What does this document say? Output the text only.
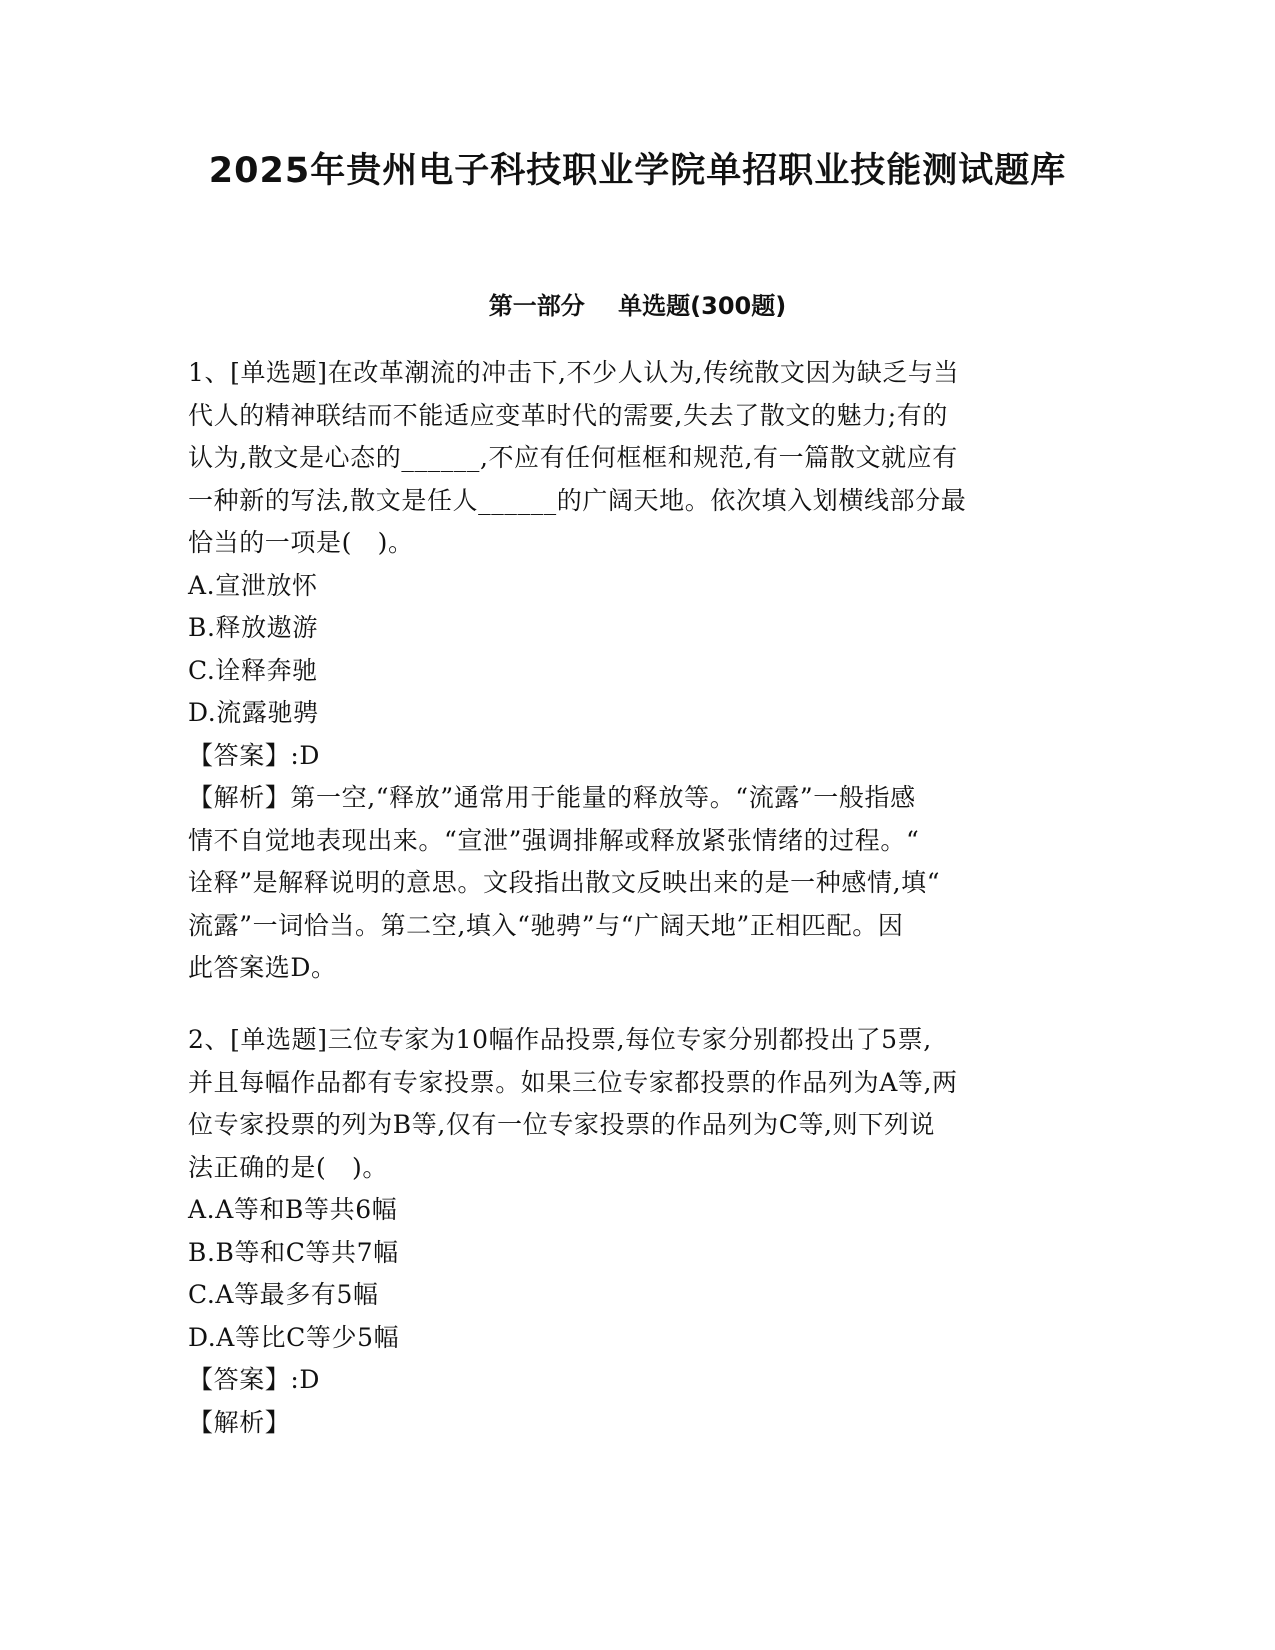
2025年贵州电子科技职业学院单招职业技能测试题库
第一部分    单选题(300题)

1、[单选题]在改革潮流的冲击下,不少人认为,传统散文因为缺乏与当

代人的精神联结而不能适应变革时代的需要,失去了散文的魅力;有的

认为,散文是心态的______,不应有任何框框和规范,有一篇散文就应有

一种新的写法,散文是任人______的广阔天地。依次填入划横线部分最

恰当的一项是(   )。

A.宣泄放怀

B.释放遨游

C.诠释奔驰

D.流露驰骋

【答案】:D

【解析】第一空,“释放”通常用于能量的释放等。“流露”一般指感

情不自觉地表现出来。“宣泄”强调排解或释放紧张情绪的过程。“

诠释”是解释说明的意思。文段指出散文反映出来的是一种感情,填“

流露”一词恰当。第二空,填入“驰骋”与“广阔天地”正相匹配。因

此答案选D。

2、[单选题]三位专家为10幅作品投票,每位专家分别都投出了5票,

并且每幅作品都有专家投票。如果三位专家都投票的作品列为A等,两

位专家投票的列为B等,仅有一位专家投票的作品列为C等,则下列说

法正确的是(   )。

A.A等和B等共6幅

B.B等和C等共7幅

C.A等最多有5幅

D.A等比C等少5幅

【答案】:D

【解析】
